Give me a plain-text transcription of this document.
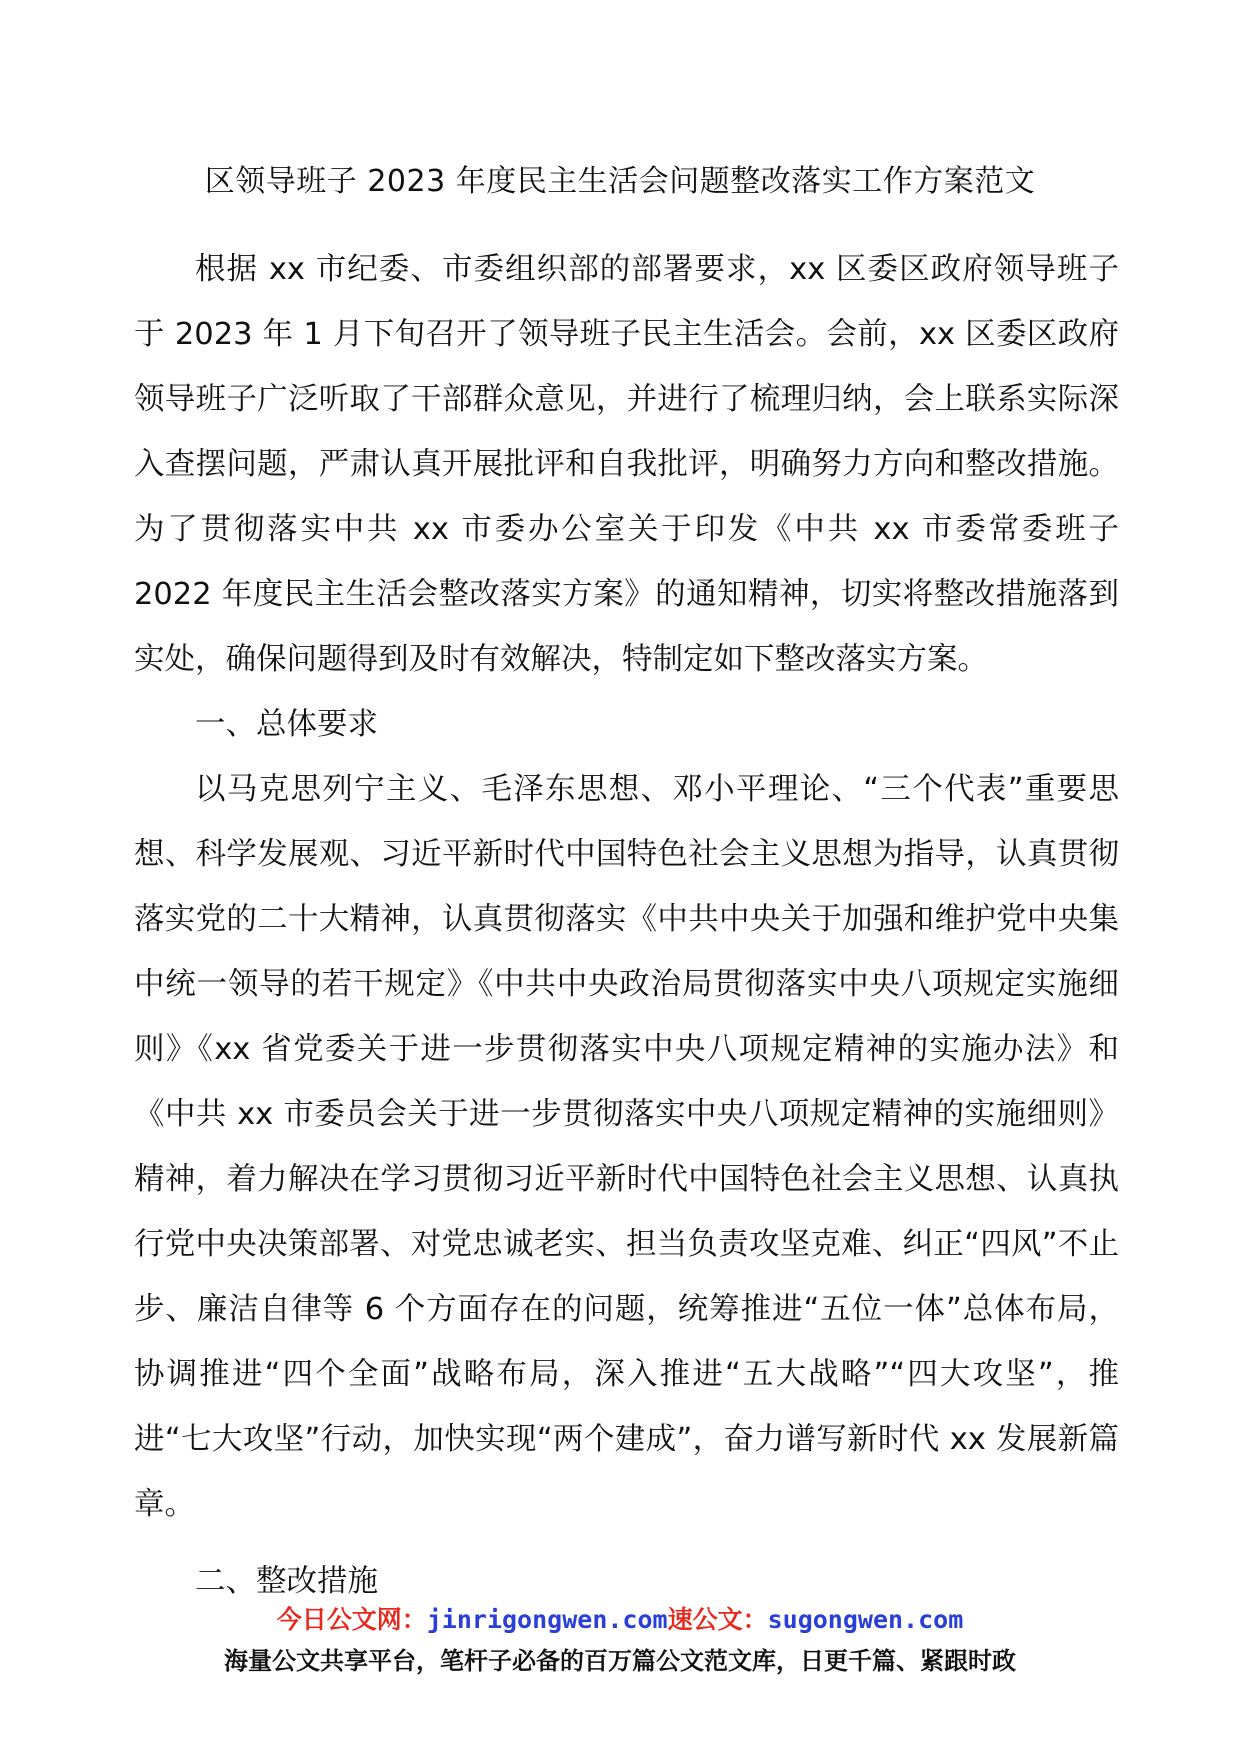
区领导班子 2023 年度民主生活会问题整改落实工作方案范文

根据 xx 市纪委、市委组织部的部署要求，xx 区委区政府领导班子于 2023 年 1 月下旬召开了领导班子民主生活会。会前，xx 区委区政府领导班子广泛听取了干部群众意见，并进行了梳理归纳，会上联系实际深入查摆问题，严肃认真开展批评和自我批评，明确努力方向和整改措施。为了贯彻落实中共 xx 市委办公室关于印发《中共 xx 市委常委班子 2022 年度民主生活会整改落实方案》的通知精神，切实将整改措施落到实处，确保问题得到及时有效解决，特制定如下整改落实方案。

一、总体要求

以马克思列宁主义、毛泽东思想、邓小平理论、“三个代表”重要思想、科学发展观、习近平新时代中国特色社会主义思想为指导，认真贯彻落实党的二十大精神，认真贯彻落实《中共中央关于加强和维护党中央集中统一领导的若干规定》《中共中央政治局贯彻落实中央八项规定实施细则》《xx 省党委关于进一步贯彻落实中央八项规定精神的实施办法》和《中共 xx 市委员会关于进一步贯彻落实中央八项规定精神的实施细则》精神，着力解决在学习贯彻习近平新时代中国特色社会主义思想、认真执行党中央决策部署、对党忠诚老实、担当负责攻坚克难、纠正“四风”不止步、廉洁自律等 6 个方面存在的问题，统筹推进“五位一体”总体布局，协调推进“四个全面”战略布局，深入推进“五大战略”“四大攻坚”，推进“七大攻坚”行动，加快实现“两个建成”，奋力谱写新时代 xx 发展新篇章。

二、整改措施

今日公文网：jinrigongwen.com速公文：sugongwen.com
海量公文共享平台，笔杆子必备的百万篇公文范文库，日更千篇、紧跟时政
